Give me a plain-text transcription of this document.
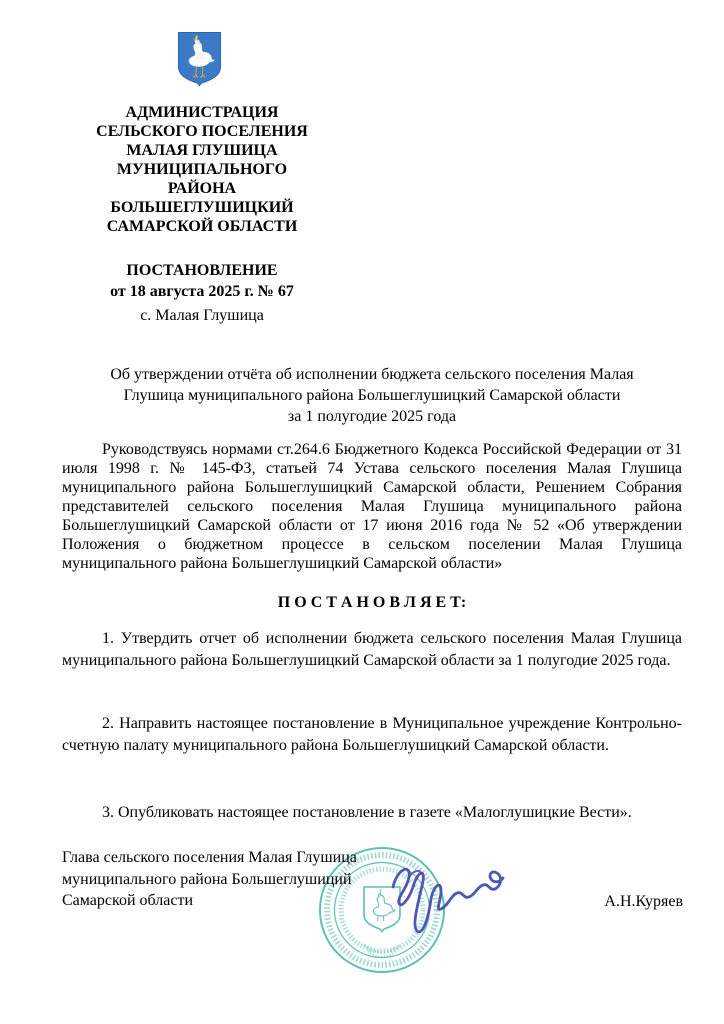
АДМИНИСТРАЦИЯ
СЕЛЬСКОГО ПОСЕЛЕНИЯ
МАЛАЯ ГЛУШИЦА
МУНИЦИПАЛЬНОГО
РАЙОНА
БОЛЬШЕГЛУШИЦКИЙ
САМАРСКОЙ ОБЛАСТИ
ПОСТАНОВЛЕНИЕ
от 18 августа 2025 г. № 67
с. Малая Глушица
Об утверждении отчёта об исполнении бюджета сельского поселения Малая
Глушица муниципального района Большеглушицкий Самарской области
за 1 полугодие 2025 года

Руководствуясь нормами ст.264.6 Бюджетного Кодекса Российской Федерации от 31 июля 1998 г. № 145-ФЗ, статьей 74 Устава сельского поселения Малая Глушица муниципального района Большеглушицкий Самарской области, Решением Собрания представителей сельского поселения Малая Глушица муниципального района Большеглушицкий Самарской области от 17 июня 2016 года № 52 «Об утверждении Положения о бюджетном процессе в сельском поселении Малая Глушица муниципального района Большеглушицкий Самарской области»

П О С Т А Н О В Л Я Е Т:

1. Утвердить отчет об исполнении бюджета сельского поселения Малая Глушица муниципального района Большеглушицкий Самарской области за 1 полугодие 2025 года.

2. Направить настоящее постановление в Муниципальное учреждение Контрольно-счетную палату муниципального района Большеглушицкий Самарской области.

3. Опубликовать настоящее постановление в газете «Малоглушицкие Вести».

Глава сельского поселения Малая Глушица
муниципального района Большеглушиций
Самарской области	А.Н.Куряев
